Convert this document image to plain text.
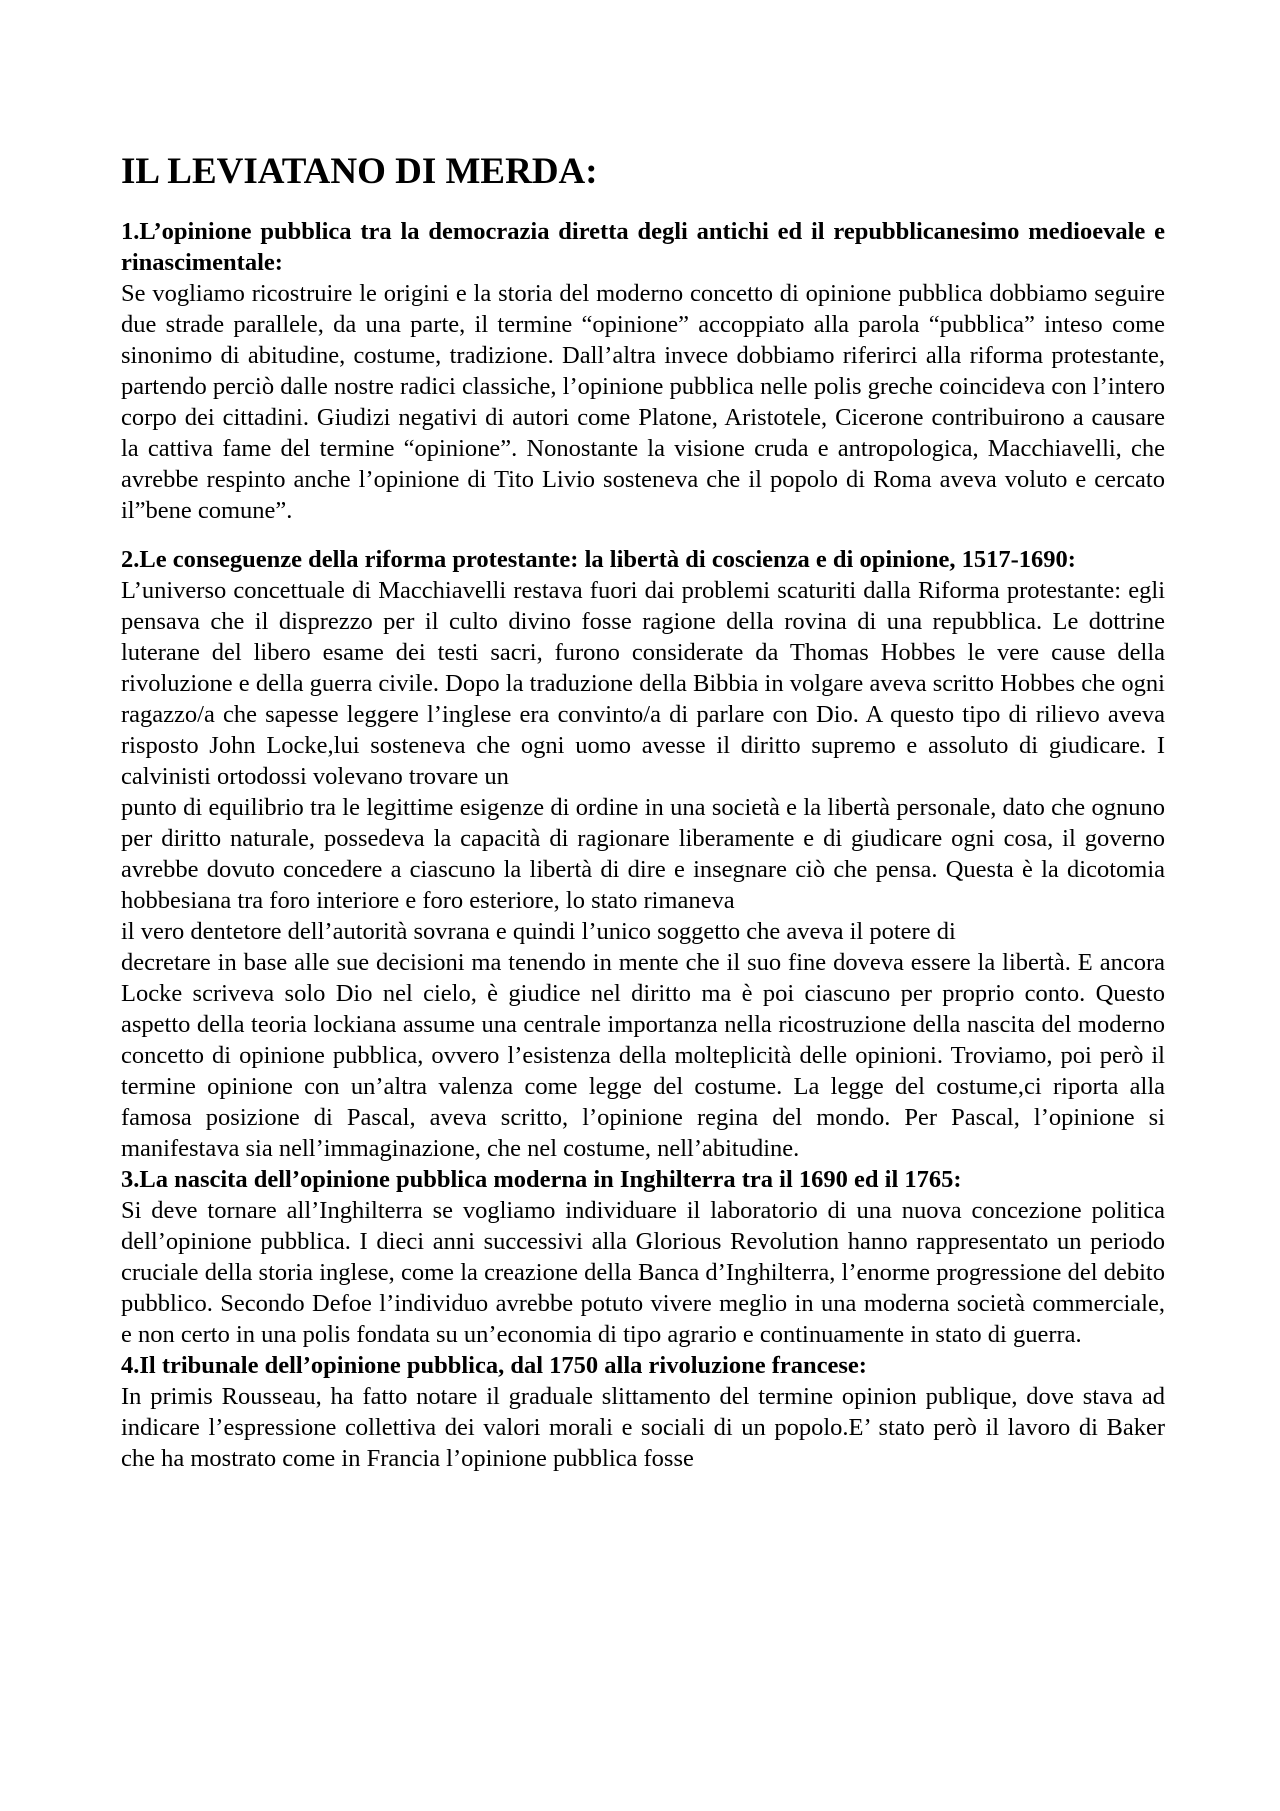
IL LEVIATANO DI MERDA:

1.L’opinione pubblica tra la democrazia diretta degli antichi ed il repubblicanesimo medioevale e rinascimentale:

Se vogliamo ricostruire le origini e la storia del moderno concetto di opinione pubblica dobbiamo seguire due strade parallele, da una parte, il termine “opinione” accoppiato alla parola “pubblica” inteso come sinonimo di abitudine, costume, tradizione. Dall’altra invece dobbiamo riferirci alla riforma protestante, partendo perciò dalle nostre radici classiche, l’opinione pubblica nelle polis greche coincideva con l’intero corpo dei cittadini. Giudizi negativi di autori come Platone, Aristotele, Cicerone contribuirono a causare la cattiva fame del termine “opinione”. Nonostante la visione cruda e antropologica, Macchiavelli, che avrebbe respinto anche l’opinione di Tito Livio sosteneva che il popolo di Roma aveva voluto e cercato il”bene comune”.

2.Le conseguenze della riforma protestante: la libertà di coscienza e di opinione, 1517-1690:

L’universo concettuale di Macchiavelli restava fuori dai problemi scaturiti dalla Riforma protestante: egli pensava che il disprezzo per il culto divino fosse ragione della rovina di una repubblica. Le dottrine luterane del libero esame dei testi sacri, furono considerate da Thomas Hobbes le vere cause della rivoluzione e della guerra civile. Dopo la traduzione della Bibbia in volgare aveva scritto Hobbes che ogni ragazzo/a che sapesse leggere l’inglese era convinto/a di parlare con Dio. A questo tipo di rilievo aveva risposto John Locke,lui sosteneva che ogni uomo avesse il diritto supremo e assoluto di giudicare. I calvinisti ortodossi volevano trovare un

punto di equilibrio tra le legittime esigenze di ordine in una società e la libertà personale, dato che ognuno per diritto naturale, possedeva la capacità di ragionare liberamente e di giudicare ogni cosa, il governo avrebbe dovuto concedere a ciascuno la libertà di dire e insegnare ciò che pensa. Questa è la dicotomia hobbesiana tra foro interiore e foro esteriore, lo stato rimaneva

il vero dentetore dell’autorità sovrana e quindi l’unico soggetto che aveva il potere di

decretare in base alle sue decisioni ma tenendo in mente che il suo fine doveva essere la libertà. E ancora Locke scriveva solo Dio nel cielo, è giudice nel diritto ma è poi ciascuno per proprio conto. Questo aspetto della teoria lockiana assume una centrale importanza nella ricostruzione della nascita del moderno concetto di opinione pubblica, ovvero l’esistenza della molteplicità delle opinioni. Troviamo, poi però il termine opinione con un’altra valenza come legge del costume. La legge del costume,ci riporta alla famosa posizione di Pascal, aveva scritto, l’opinione regina del mondo. Per Pascal, l’opinione si manifestava sia nell’immaginazione, che nel costume, nell’abitudine.

3.La nascita dell’opinione pubblica moderna in Inghilterra tra il 1690 ed il 1765:

Si deve tornare all’Inghilterra se vogliamo individuare il laboratorio di una nuova concezione politica dell’opinione pubblica. I dieci anni successivi alla Glorious Revolution hanno rappresentato un periodo cruciale della storia inglese, come la creazione della Banca d’Inghilterra, l’enorme progressione del debito pubblico. Secondo Defoe l’individuo avrebbe potuto vivere meglio in una moderna società commerciale, e non certo in una polis fondata su un’economia di tipo agrario e continuamente in stato di guerra.

4.Il tribunale dell’opinione pubblica, dal 1750 alla rivoluzione francese:

In primis Rousseau, ha fatto notare il graduale slittamento del termine opinion publique, dove stava ad indicare l’espressione collettiva dei valori morali e sociali di un popolo.E’ stato però il lavoro di Baker che ha mostrato come in Francia l’opinione pubblica fosse
